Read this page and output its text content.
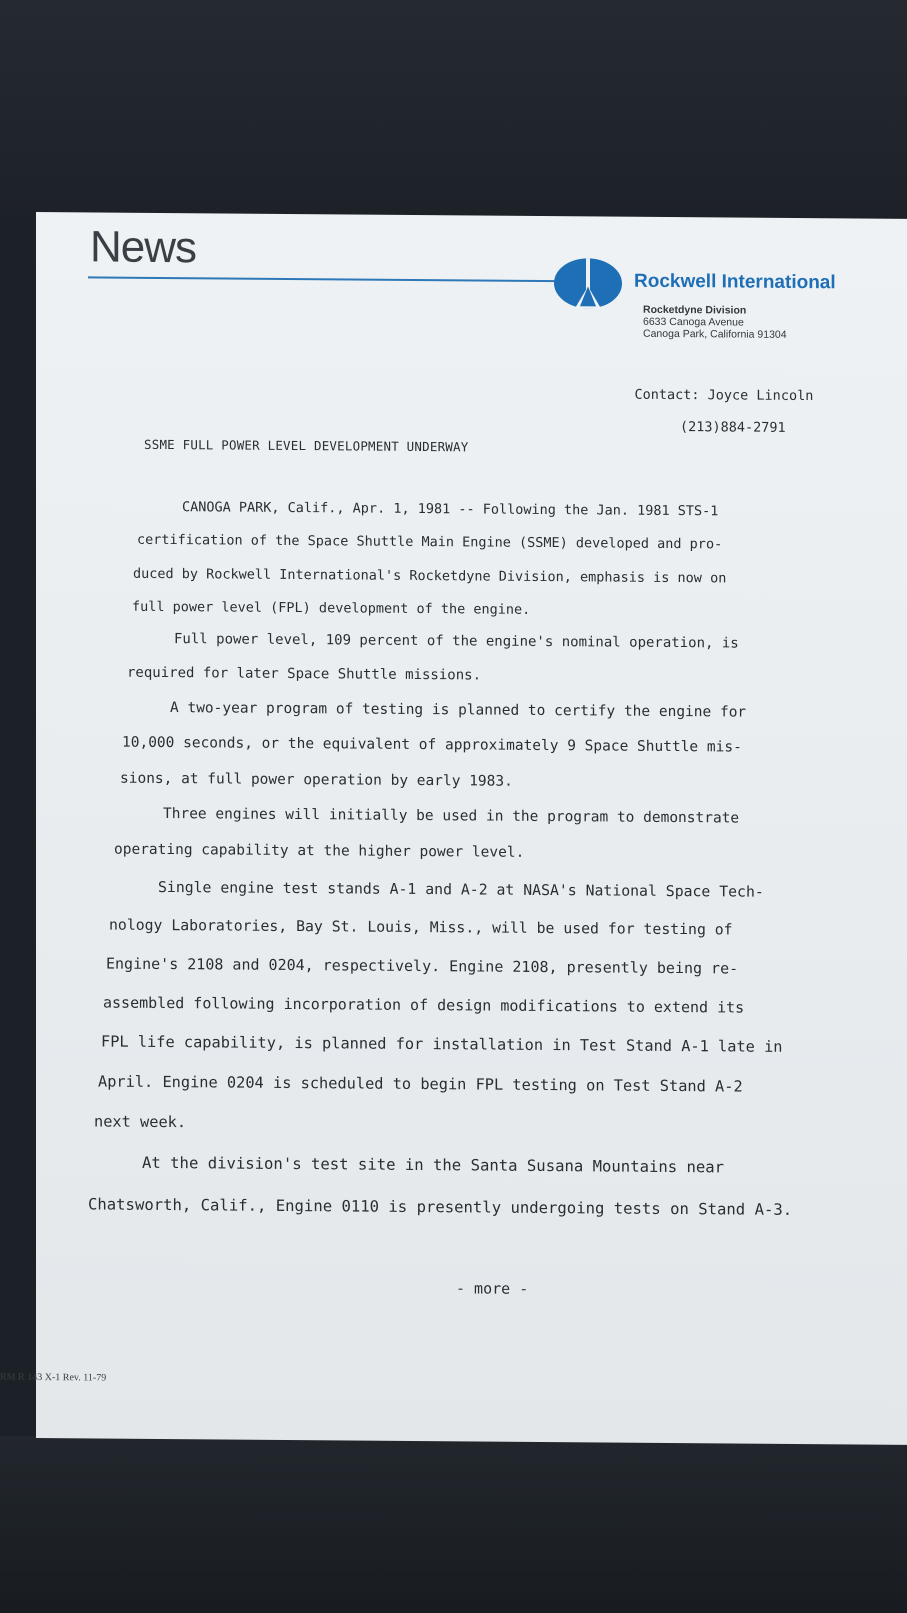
News
Rockwell International
Rocketdyne Division
6633 Canoga Avenue
Canoga Park, California 91304

Contact: Joyce Lincoln

(213)884-2791

SSME FULL POWER LEVEL DEVELOPMENT UNDERWAY
CANOGA PARK, Calif., Apr. 1, 1981 -- Following the Jan. 1981 STS-1
certification of the Space Shuttle Main Engine (SSME) developed and pro-
duced by Rockwell International's Rocketdyne Division, emphasis is now on
full power level (FPL) development of the engine.
Full power level, 109 percent of the engine's nominal operation, is
required for later Space Shuttle missions.
A two-year program of testing is planned to certify the engine for
10,000 seconds, or the equivalent of approximately 9 Space Shuttle mis-
sions, at full power operation by early 1983.
Three engines will initially be used in the program to demonstrate
operating capability at the higher power level.
Single engine test stands A-1 and A-2 at NASA's National Space Tech-
nology Laboratories, Bay St. Louis, Miss., will be used for testing of
Engine's 2108 and 0204, respectively. Engine 2108, presently being re-
assembled following incorporation of design modifications to extend its
FPL life capability, is planned for installation in Test Stand A-1 late in
April. Engine 0204 is scheduled to begin FPL testing on Test Stand A-2
next week.
At the division's test site in the Santa Susana Mountains near
Chatsworth, Calif., Engine 0110 is presently undergoing tests on Stand A-3.
- more -
RM R 143 X-1 Rev. 11-79
